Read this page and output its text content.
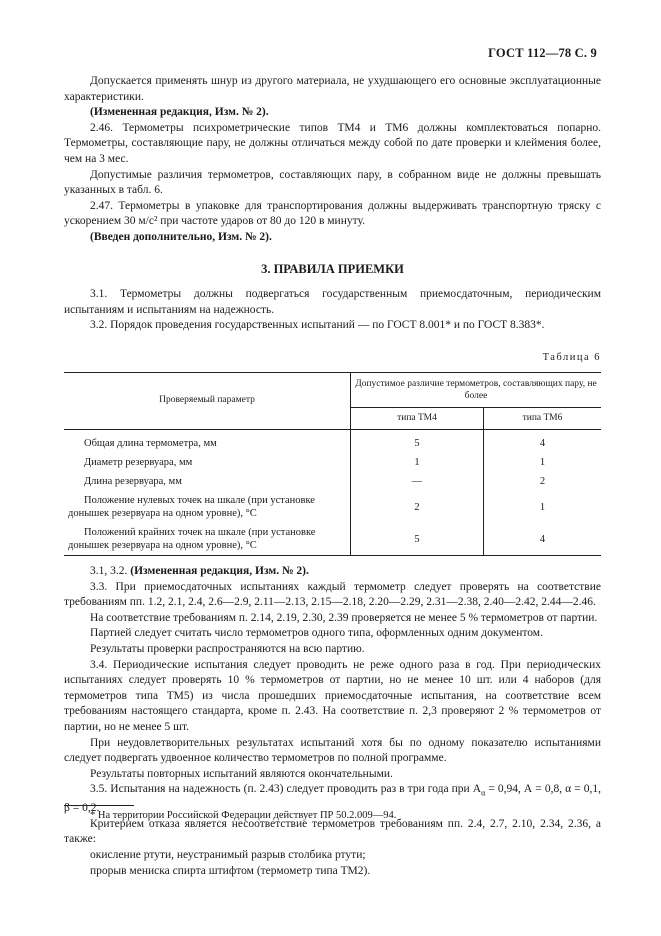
ГОСТ 112—78 С. 9

Допускается применять шнур из другого материала, не ухудшающего его основные эксплуатационные характеристики.

(Измененная редакция, Изм. № 2).

2.46. Термометры психрометрические типов ТМ4 и ТМ6 должны комплектоваться попарно. Термометры, составляющие пару, не должны отличаться между собой по дате проверки и клеймения более, чем на 3 мес.

Допустимые различия термометров, составляющих пару, в собранном виде не должны превышать указанных в табл. 6.

2.47. Термометры в упаковке для транспортирования должны выдерживать транспортную тряску с ускорением 30 м/с² при частоте ударов от 80 до 120 в минуту.

(Введен дополнительно, Изм. № 2).

3. ПРАВИЛА ПРИЕМКИ

3.1. Термометры должны подвергаться государственным приемосдаточным, периодическим испытаниям и испытаниям на надежность.

3.2. Порядок проведения государственных испытаний — по ГОСТ 8.001* и по ГОСТ 8.383*.

Таблица 6

Проверяемый параметр	Допустимое различие термометров, составляющих пару, не более	
	типа ТМ4	типа ТМ6
Общая длина термометра, мм	5	4
Диаметр резервуара, мм	1	1
Длина резервуара, мм	—	2
Положение нулевых точек на шкале (при установке донышек резервуара на одном уровне), °С	2	1
Положений крайних точек на шкале (при установке донышек резервуара на одном уровне), °С	5	4

3.1, 3.2. (Измененная редакция, Изм. № 2).

3.3. При приемосдаточных испытаниях каждый термометр следует проверять на соответствие требованиям пп. 1.2, 2.1, 2.4, 2.6—2.9, 2.11—2.13, 2.15—2.18, 2.20—2.29, 2.31—2.38, 2.40—2.42, 2.44—2.46.

На соответствие требованиям п. 2.14, 2.19, 2.30, 2.39 проверяется не менее 5 % термометров от партии.

Партией следует считать число термометров одного типа, оформленных одним документом.

Результаты проверки распространяются на всю партию.

3.4. Периодические испытания следует проводить не реже одного раза в год. При периодических испытаниях следует проверять 10 % термометров от партии, но не менее 10 шт. или 4 наборов (для термометров типа ТМ5) из числа прошедших приемосдаточные испытания, на соответствие всем требованиям настоящего стандарта, кроме п. 2.43. На соответствие п. 2,3 проверяют 2 % термометров от партии, но не менее 5 шт.

При неудовлетворительных результатах испытаний хотя бы по одному показателю испытаниями следует подвергать удвоенное количество термометров по полной программе.

Результаты повторных испытаний являются окончательными.

3.5. Испытания на надежность (п. 2.43) следует проводить раз в три года при $А_\alpha = 0,94$, А = 0,8, α = 0,1, β = 0,2.

Критерием отказа является несоответствие термометров требованиям пп. 2.4, 2.7, 2.10, 2.34, 2.36, а также:

окисление ртути, неустранимый разрыв столбика ртути;

прорыв мениска спирта штифтом (термометр типа ТМ2).

* На территории Российской Федерации действует ПР 50.2.009—94.
